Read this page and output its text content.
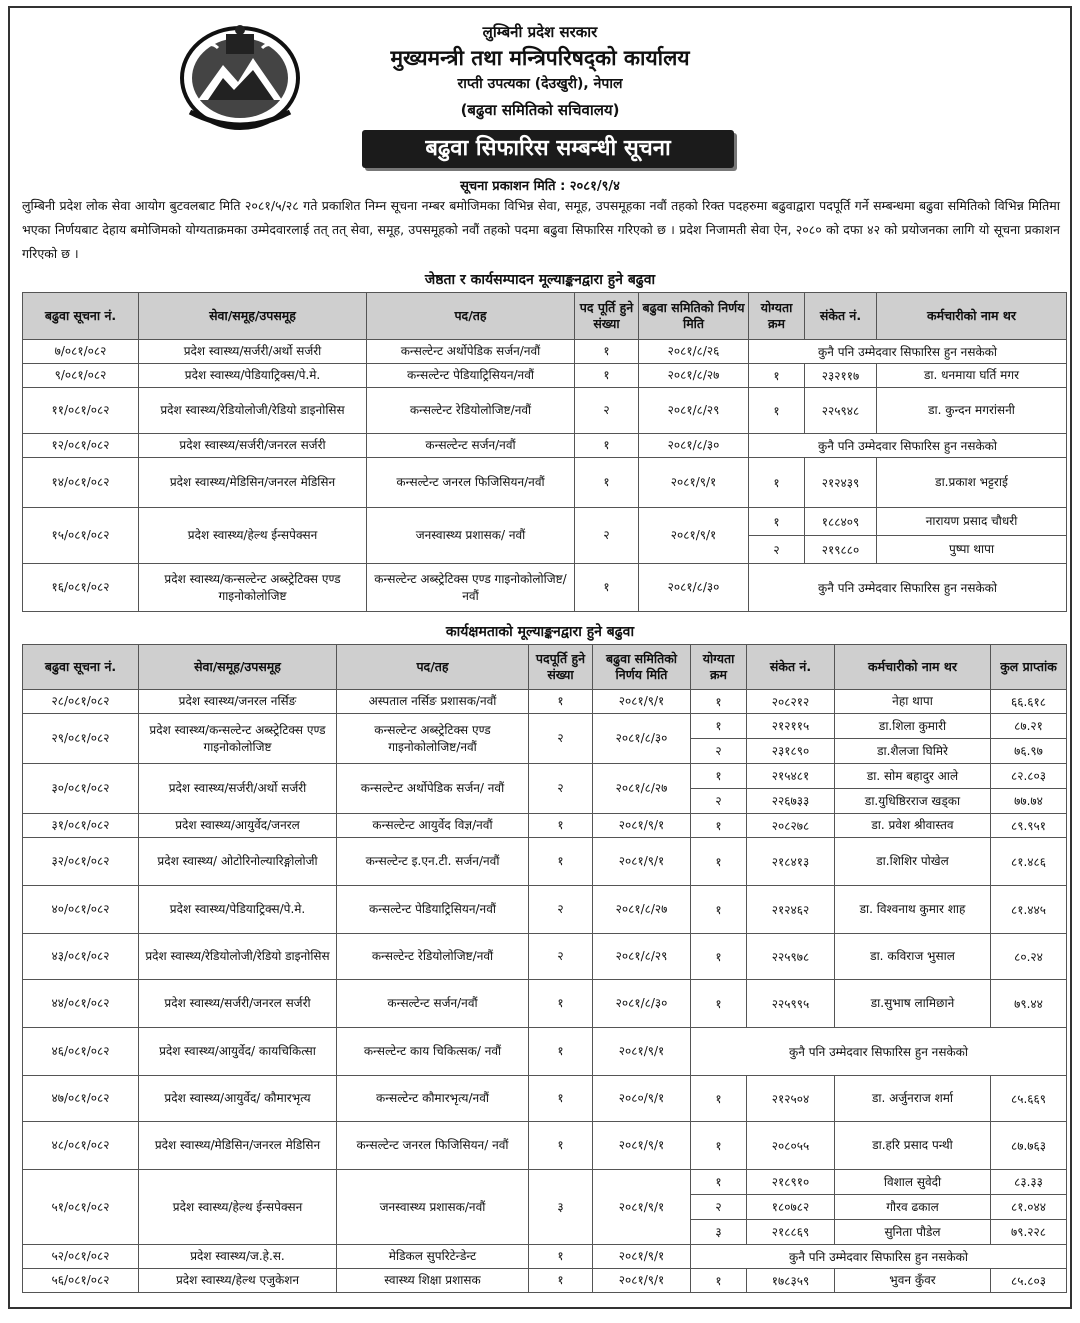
लुम्बिनी प्रदेश सरकार
मुख्यमन्त्री तथा मन्त्रिपरिषद्को कार्यालय
राप्ती उपत्यका (देउखुरी), नेपाल
(बढुवा समितिको सचिवालय)
बढुवा सिफारिस सम्बन्धी सूचना
सूचना प्रकाशन मिति : २०८१/९/४
लुम्बिनी प्रदेश लोक सेवा आयोग बुटवलबाट मिति २०८१/५/२८ गते प्रकाशित निम्न सूचना नम्बर बमोजिमका विभिन्न सेवा, समूह, उपसमूहका नवौं तहको रिक्त पदहरुमा बढुवाद्वारा पदपूर्ति गर्ने सम्बन्धमा बढुवा समितिको विभिन्न मितिमा भएका निर्णयबाट देहाय बमोजिमको योग्यताक्रमका उम्मेदवारलाई तत् तत् सेवा, समूह, उपसमूहको नवौं तहको पदमा बढुवा सिफारिस गरिएको छ । प्रदेश निजामती सेवा ऐन, २०८० को दफा ४२ को प्रयोजनका लागि यो सूचना प्रकाशन गरिएको छ ।
जेष्ठता र कार्यसम्पादन मूल्याङ्कनद्वारा हुने बढुवा
बढुवा सूचना नं.	सेवा/समूह/उपसमूह	पद/तह	पद पूर्ति हुने संख्या	बढुवा समितिको निर्णय मिति	योग्यता क्रम	संकेत नं.	कर्मचारीको नाम थर
७/०८१/०८२	प्रदेश स्वास्थ्य/सर्जरी/अर्थो सर्जरी	कन्सल्टेन्ट अर्थोपेडिक सर्जन/नवौं	१	२०८१/८/२६	कुनै पनि उम्मेदवार सिफारिस हुन नसकेको		
९/०८१/०८२	प्रदेश स्वास्थ्य/पेडियाट्रिक्स/पे.मे.	कन्सल्टेन्ट पेडियाट्रिसियन/नवौं	१	२०८१/८/२७	१	२३२११७	डा. धनमाया घर्ति मगर
११/०८१/०८२	प्रदेश स्वास्थ्य/रेडियोलोजी/रेडियो डाइनोसिस	कन्सल्टेन्ट रेडियोलोजिष्ट/नवौं	२	२०८१/८/२९	१	२२५९४८	डा. कुन्दन मगरांसनी
१२/०८१/०८२	प्रदेश स्वास्थ्य/सर्जरी/जनरल सर्जरी	कन्सल्टेन्ट सर्जन/नवौं	१	२०८१/८/३०	कुनै पनि उम्मेदवार सिफारिस हुन नसकेको		
१४/०८१/०८२	प्रदेश स्वास्थ्य/मेडिसिन/जनरल मेडिसिन	कन्सल्टेन्ट जनरल फिजिसियन/नवौं	१	२०८१/९/१	१	२१२४३९	डा.प्रकाश भट्टराई
१५/०८१/०८२	प्रदेश स्वास्थ्य/हेल्थ ईन्सपेक्सन	जनस्वास्थ्य प्रशासक/ नवौं	२	२०८१/९/१	१	१८८४०९	नारायण प्रसाद चौधरी
					२	२१९८८०	पुष्पा थापा
१६/०८१/०८२	प्रदेश स्वास्थ्य/कन्सल्टेन्ट अब्स्ट्रेटिक्स एण्ड गाइनोकोलोजिष्ट	कन्सल्टेन्ट अब्स्ट्रेटिक्स एण्ड गाइनोकोलोजिष्ट/नवौं	१	२०८१/८/३०	कुनै पनि उम्मेदवार सिफारिस हुन नसकेको		
कार्यक्षमताको मूल्याङ्कनद्वारा हुने बढुवा
बढुवा सूचना नं.	सेवा/समूह/उपसमूह	पद/तह	पदपूर्ति हुने संख्या	बढुवा समितिको निर्णय मिति	योग्यता क्रम	संकेत नं.	कर्मचारीको नाम थर	कुल प्राप्तांक
२८/०८१/०८२	प्रदेश स्वास्थ्य/जनरल नर्सिङ	अस्पताल नर्सिङ प्रशासक/नवौं	१	२०८१/९/१	१	२०८२१२	नेहा थापा	६६.६१८
२९/०८१/०८२	प्रदेश स्वास्थ्य/कन्सल्टेन्ट अब्स्ट्रेटिक्स एण्ड गाइनोकोलोजिष्ट	कन्सल्टेन्ट अब्स्ट्रेटिक्स एण्ड गाइनोकोलोजिष्ट/नवौं	२	२०८१/८/३०	१	२१२११५	डा.शिला कुमारी	८७.२१
					२	२३१८९०	डा.शैलजा घिमिरे	७६.९७
३०/०८१/०८२	प्रदेश स्वास्थ्य/सर्जरी/अर्थो सर्जरी	कन्सल्टेन्ट अर्थोपेडिक सर्जन/ नवौं	२	२०८१/८/२७	१	२१५४८१	डा. सोम बहादुर आले	८२.८०३
					२	२२६७३३	डा.युधिष्ठिरराज खड्का	७७.७४
३१/०८१/०८२	प्रदेश स्वास्थ्य/आयुर्वेद/जनरल	कन्सल्टेन्ट आयुर्वेद विज्ञ/नवौं	१	२०८१/९/१	१	२०८२७८	डा. प्रवेश श्रीवास्तव	८९.९५१
३२/०८१/०८२	प्रदेश स्वास्थ्य/ ओटोरिनोल्यारिङ्गोलोजी	कन्सल्टेन्ट इ.एन.टी. सर्जन/नवौं	१	२०८१/९/१	१	२१८४१३	डा.शिशिर पोखेल	८१.४८६
४०/०८१/०८२	प्रदेश स्वास्थ्य/पेडियाट्रिक्स/पे.मे.	कन्सल्टेन्ट पेडियाट्रिसियन/नवौं	२	२०८१/८/२७	१	२१२४६२	डा. विश्वनाथ कुमार शाह	८१.४४५
४३/०८१/०८२	प्रदेश स्वास्थ्य/रेडियोलोजी/रेडियो डाइनोसिस	कन्सल्टेन्ट रेडियोलोजिष्ट/नवौं	२	२०८१/८/२९	१	२२५९७८	डा. कविराज भुसाल	८०.२४
४४/०८१/०८२	प्रदेश स्वास्थ्य/सर्जरी/जनरल सर्जरी	कन्सल्टेन्ट सर्जन/नवौं	१	२०८१/८/३०	१	२२५९९५	डा.सुभाष लामिछाने	७९.४४
४६/०८१/०८२	प्रदेश स्वास्थ्य/आयुर्वेद/ कायचिकित्सा	कन्सल्टेन्ट काय चिकित्सक/ नवौं	१	२०८१/९/१	कुनै पनि उम्मेदवार सिफारिस हुन नसकेको			
४७/०८१/०८२	प्रदेश स्वास्थ्य/आयुर्वेद/ कौमारभृत्य	कन्सल्टेन्ट कौमारभृत्य/नवौं	१	२०८०/९/१	१	२१२५०४	डा. अर्जुनराज शर्मा	८५.६६९
४८/०८१/०८२	प्रदेश स्वास्थ्य/मेडिसिन/जनरल मेडिसिन	कन्सल्टेन्ट जनरल फिजिसियन/ नवौं	१	२०८१/९/१	१	२०८०५५	डा.हरि प्रसाद पन्थी	८७.७६३
५१/०८१/०८२	प्रदेश स्वास्थ्य/हेल्थ ईन्सपेक्सन	जनस्वास्थ्य प्रशासक/नवौं	३	२०८१/९/१	१	२१८९१०	विशाल सुवेदी	८३.३३
					२	१८०७८२	गौरव ढकाल	८१.०४४
					३	२१८८६९	सुनिता पौडेल	७९.२२८
५२/०८१/०८२	प्रदेश स्वास्थ्य/ज.हे.स.	मेडिकल सुपरिटेन्डेन्ट	१	२०८१/९/१	कुनै पनि उम्मेदवार सिफारिस हुन नसकेको			
५६/०८१/०८२	प्रदेश स्वास्थ्य/हेल्थ एजुकेशन	स्वास्थ्य शिक्षा प्रशासक	१	२०८१/९/१	१	१७८३५९	भुवन कुँवर	८५.८०३
